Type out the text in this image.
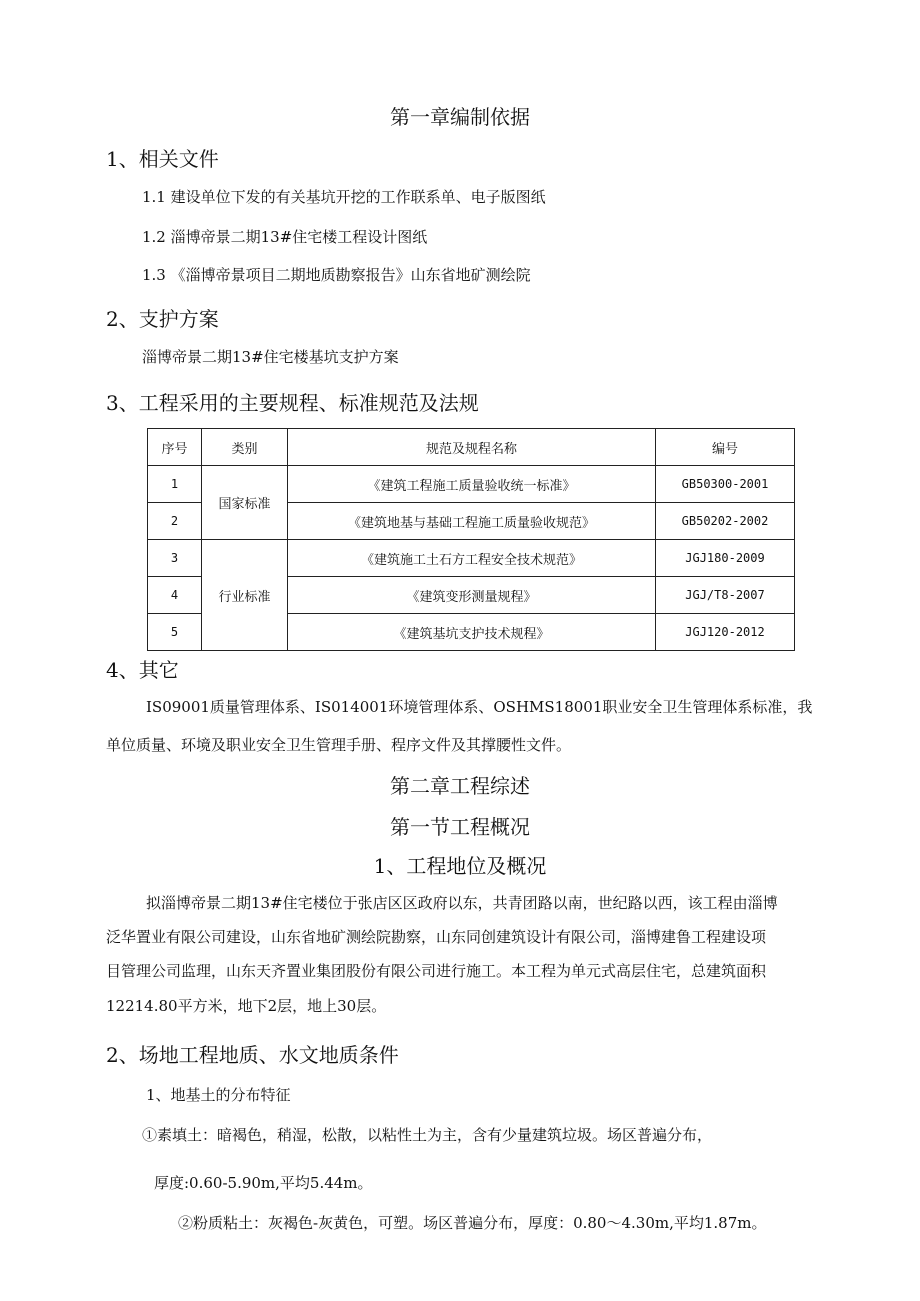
第一章编制依据
1、相关文件
1.1 建设单位下发的有关基坑开挖的工作联系单、电子版图纸
1.2 淄博帝景二期13#住宅楼工程设计图纸
1.3 《淄博帝景项目二期地质勘察报告》山东省地矿测绘院
2、支护方案
淄博帝景二期13#住宅楼基坑支护方案
3、工程采用的主要规程、标准规范及法规
序号	类别	规范及规程名称	编号
1	国家标准	《建筑工程施工质量验收统一标准》	GB50300-2001
2		《建筑地基与基础工程施工质量验收规范》	GB50202-2002
3	行业标准	《建筑施工土石方工程安全技术规范》	JGJ180-2009
4		《建筑变形测量规程》	JGJ/T8-2007
5		《建筑基坑支护技术规程》	JGJ120-2012
4、其它
IS09001质量管理体系、IS014001环境管理体系、OSHMS18001职业安全卫生管理体系标准，我
单位质量、环境及职业安全卫生管理手册、程序文件及其撑腰性文件。
第二章工程综述
第一节工程概况
1、工程地位及概况
拟淄博帝景二期13#住宅楼位于张店区区政府以东，共青团路以南，世纪路以西，该工程由淄博
泛华置业有限公司建设，山东省地矿测绘院勘察，山东同创建筑设计有限公司，淄博建鲁工程建设项
目管理公司监理，山东天齐置业集团股份有限公司进行施工。本工程为单元式高层住宅，总建筑面积
12214.80平方米，地下2层，地上30层。
2、场地工程地质、水文地质条件
1、地基土的分布特征
①素填土：暗褐色，稍湿，松散，以粘性土为主，含有少量建筑垃圾。场区普遍分布，
厚度:0.60-5.90m,平均5.44m。
②粉质粘土：灰褐色-灰黄色，可塑。场区普遍分布，厚度：0.80～4.30m,平均1.87m。
